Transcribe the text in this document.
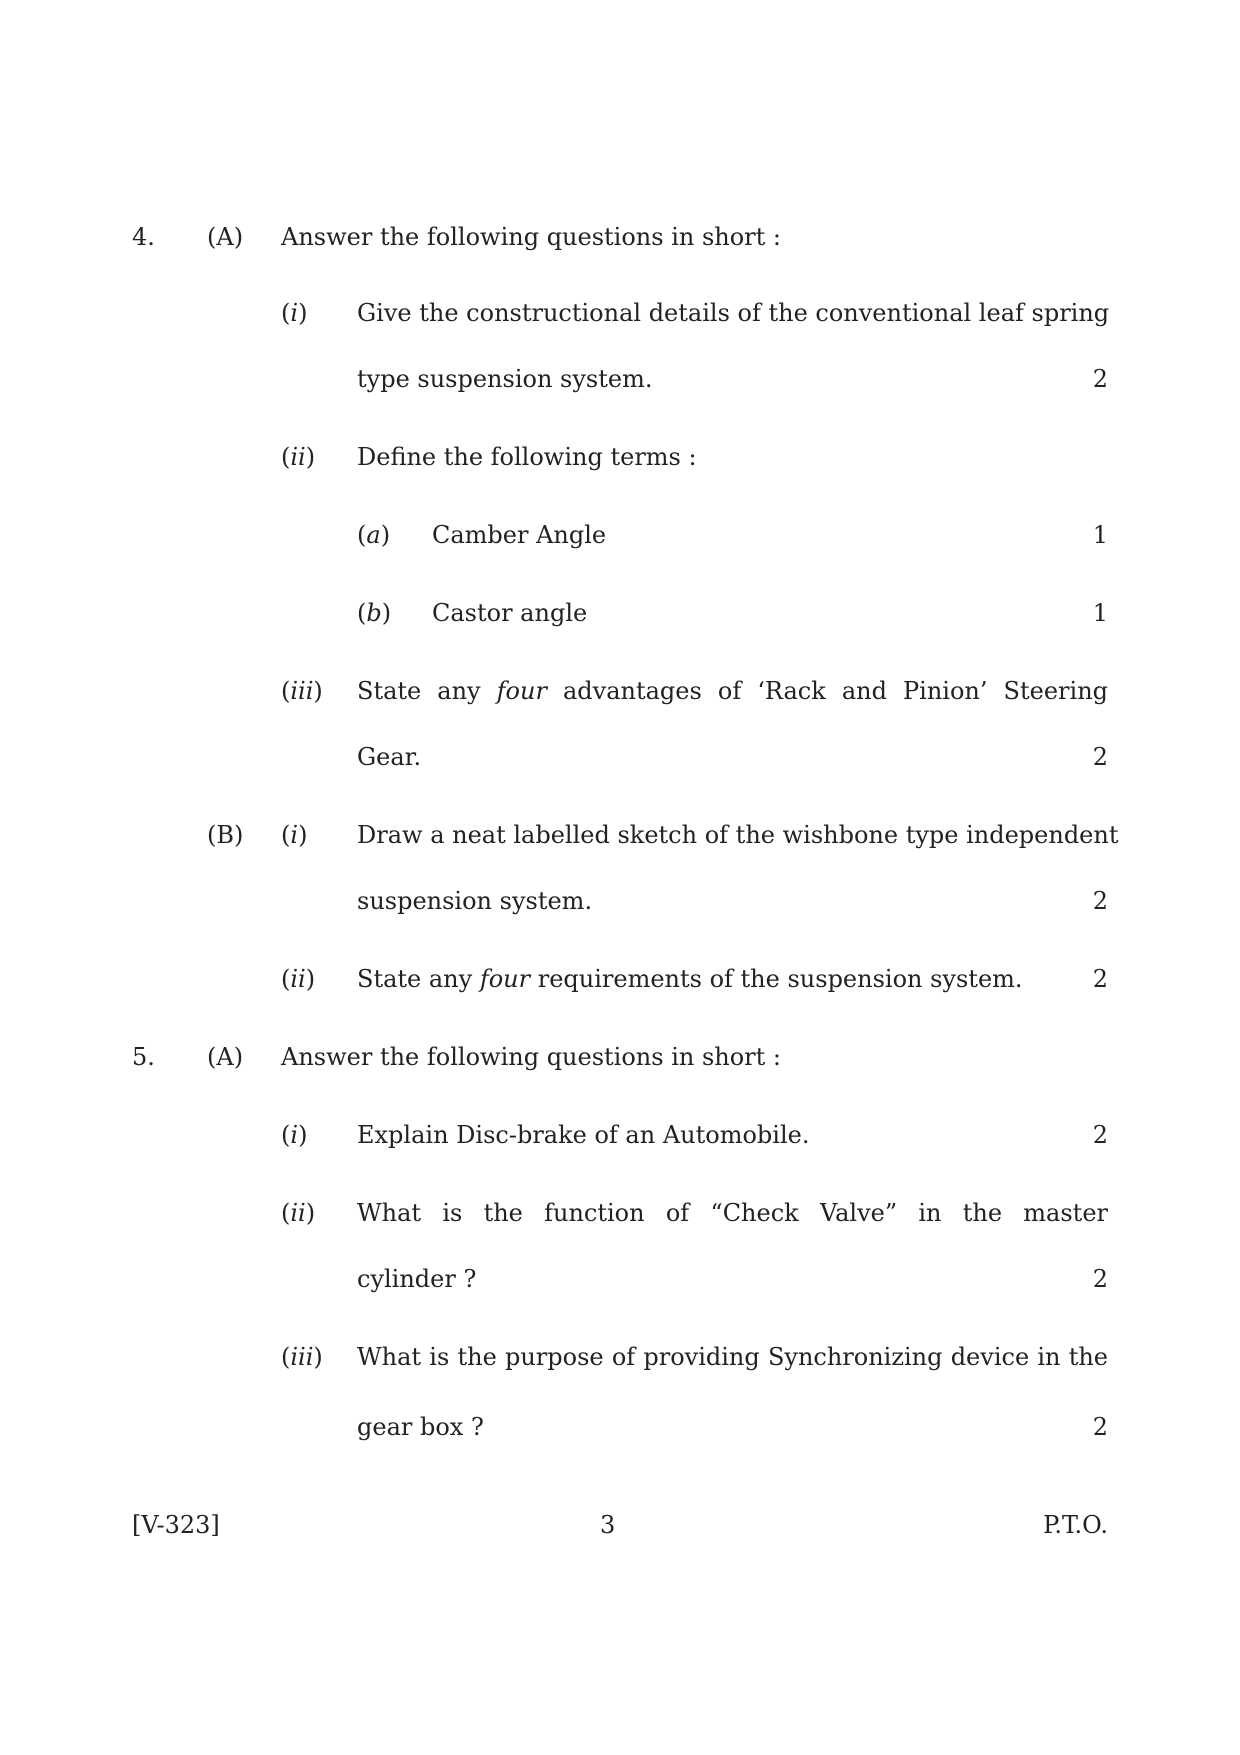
4. (A) Answer the following questions in short :
(i) Give the constructional details of the conventional leaf spring
type suspension system.	2
(ii) Define the following terms :
(a) Camber Angle	1
(b) Castor angle	1
(iii) State any four advantages of ‘Rack and Pinion’ Steering
Gear.	2
(B) (i) Draw a neat labelled sketch of the wishbone type independent
suspension system.	2
(ii) State any four requirements of the suspension system.	2
5. (A) Answer the following questions in short :
(i) Explain Disc-brake of an Automobile.	2
(ii) What is the function of “Check Valve” in the master
cylinder ?	2
(iii) What is the purpose of providing Synchronizing device in the
gear box ?	2
[V-323]	3	P.T.O.
